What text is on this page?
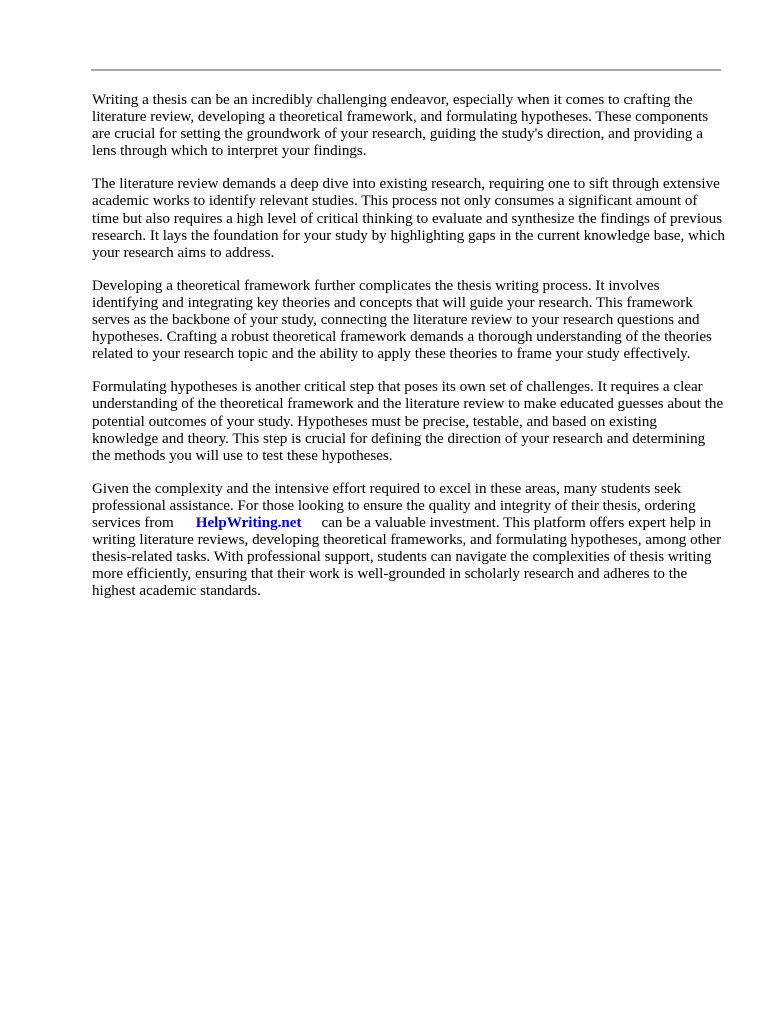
Writing a thesis can be an incredibly challenging endeavor, especially when it comes to crafting the literature review, developing a theoretical framework, and formulating hypotheses. These components are crucial for setting the groundwork of your research, guiding the study's direction, and providing a lens through which to interpret your findings.

The literature review demands a deep dive into existing research, requiring one to sift through extensive academic works to identify relevant studies. This process not only consumes a significant amount of time but also requires a high level of critical thinking to evaluate and synthesize the findings of previous research. It lays the foundation for your study by highlighting gaps in the current knowledge base, which your research aims to address.

Developing a theoretical framework further complicates the thesis writing process. It involves identifying and integrating key theories and concepts that will guide your research. This framework serves as the backbone of your study, connecting the literature review to your research questions and hypotheses. Crafting a robust theoretical framework demands a thorough understanding of the theories related to your research topic and the ability to apply these theories to frame your study effectively.

Formulating hypotheses is another critical step that poses its own set of challenges. It requires a clear understanding of the theoretical framework and the literature review to make educated guesses about the potential outcomes of your study. Hypotheses must be precise, testable, and based on existing knowledge and theory. This step is crucial for defining the direction of your research and determining the methods you will use to test these hypotheses.

Given the complexity and the intensive effort required to excel in these areas, many students seek professional assistance. For those looking to ensure the quality and integrity of their thesis, ordering services from HelpWriting.net can be a valuable investment. This platform offers expert help in writing literature reviews, developing theoretical frameworks, and formulating hypotheses, among other thesis-related tasks. With professional support, students can navigate the complexities of thesis writing more efficiently, ensuring that their work is well-grounded in scholarly research and adheres to the highest academic standards.
